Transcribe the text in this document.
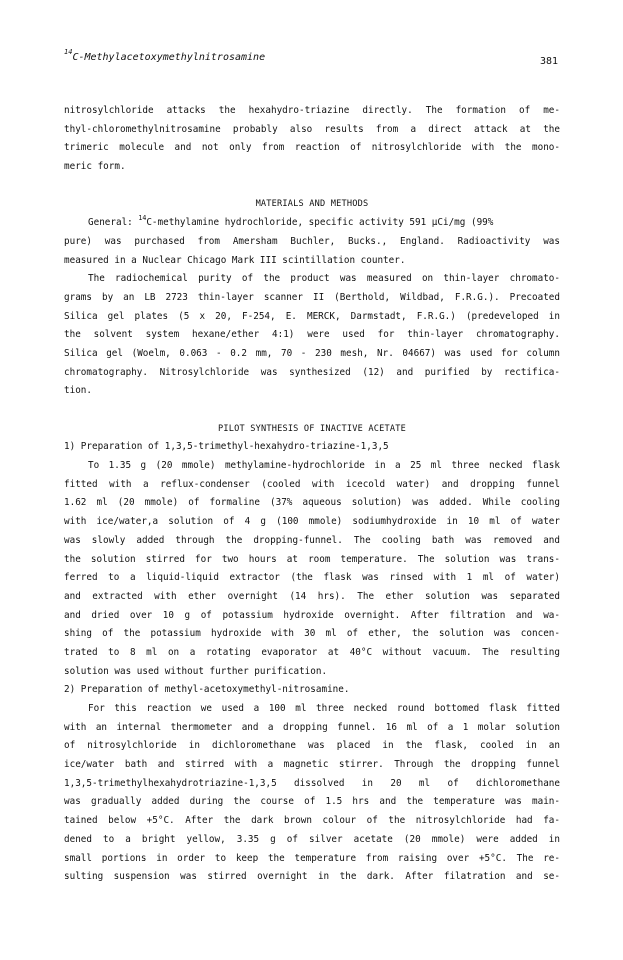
$^{14}$C-Methylacetoxymethylnitrosamine	381
nitrosylchloride attacks the hexahydro-triazine directly. The formation of me-
thyl-chloromethylnitrosamine probably also results from a direct attack at the
trimeric molecule and not only from reaction of nitrosylchloride with the mono-
meric form.
MATERIALS AND METHODS
General: $^{14}$C-methylamine hydrochloride, specific activity 591 µCi/mg (99%
pure) was purchased from Amersham Buchler, Bucks., England. Radioactivity was
measured in a Nuclear Chicago Mark III scintillation counter.
The radiochemical purity of the product was measured on thin-layer chromato-
grams by an LB 2723 thin-layer scanner II (Berthold, Wildbad, F.R.G.). Precoated
Silica gel plates (5 x 20, F-254, E. MERCK, Darmstadt, F.R.G.) (predeveloped in
the solvent system hexane/ether 4:1) were used for thin-layer chromatography.
Silica gel (Woelm, 0.063 - 0.2 mm, 70 - 230 mesh, Nr. 04667) was used for column
chromatography. Nitrosylchloride was synthesized (12) and purified by rectifica-
tion.
PILOT SYNTHESIS OF INACTIVE ACETATE
1) Preparation of 1,3,5-trimethyl-hexahydro-triazine-1,3,5
To 1.35 g (20 mmole) methylamine-hydrochloride in a 25 ml three necked flask
fitted with a reflux-condenser (cooled with icecold water) and dropping funnel
1.62 ml (20 mmole) of formaline (37% aqueous solution) was added. While cooling
with ice/water,a solution of 4 g (100 mmole) sodiumhydroxide in 10 ml of water
was slowly added through the dropping-funnel. The cooling bath was removed and
the solution stirred for two hours at room temperature. The solution was trans-
ferred to a liquid-liquid extractor (the flask was rinsed with 1 ml of water)
and extracted with ether overnight (14 hrs). The ether solution was separated
and dried over 10 g of potassium hydroxide overnight. After filtration and wa-
shing of the potassium hydroxide with 30 ml of ether, the solution was concen-
trated to 8 ml on a rotating evaporator at 40°C without vacuum. The resulting
solution was used without further purification.
2) Preparation of methyl-acetoxymethyl-nitrosamine.
For this reaction we used a 100 ml three necked round bottomed flask fitted
with an internal thermometer and a dropping funnel. 16 ml of a 1 molar solution
of nitrosylchloride in dichloromethane was placed in the flask, cooled in an
ice/water bath and stirred with a magnetic stirrer. Through the dropping funnel
1,3,5-trimethylhexahydrotriazine-1,3,5 dissolved in 20 ml of dichloromethane
was gradually added during the course of 1.5 hrs and the temperature was main-
tained below +5°C. After the dark brown colour of the nitrosylchloride had fa-
dened to a bright yellow, 3.35 g of silver acetate (20 mmole) were added in
small portions in order to keep the temperature from raising over +5°C. The re-
sulting suspension was stirred overnight in the dark. After filatration and se-
